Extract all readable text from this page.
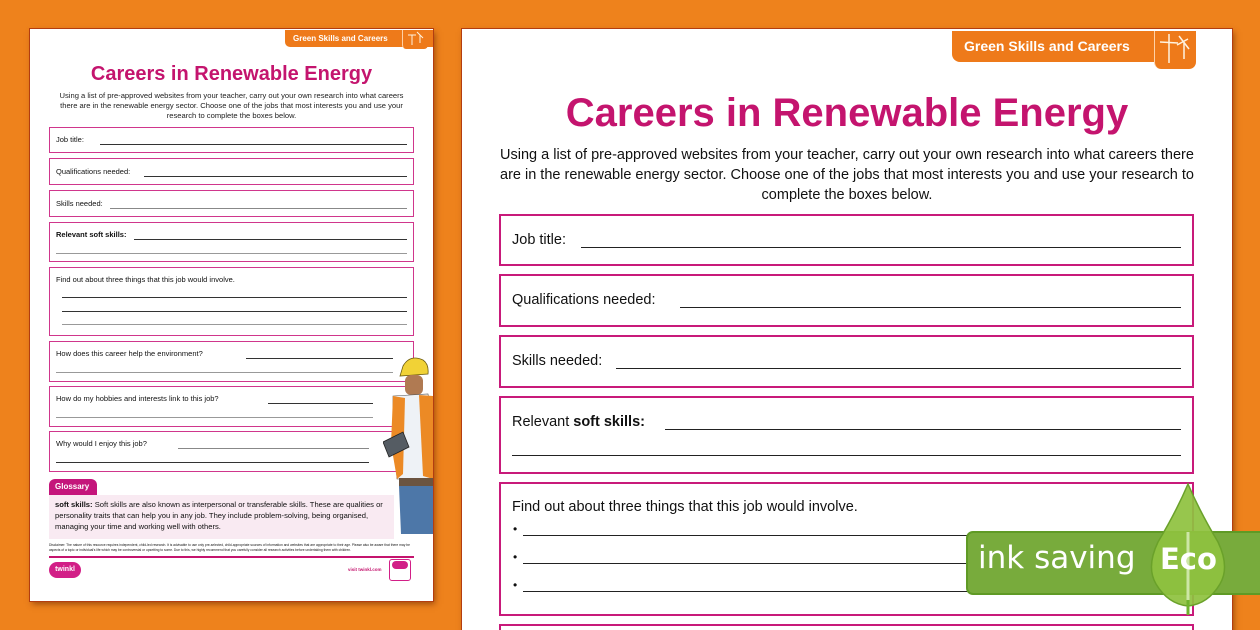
Green Skills and Careers
Careers in Renewable Energy
Using a list of pre-approved websites from your teacher, carry out your own research into what careers there are in the renewable energy sector. Choose one of the jobs that most interests you and use your research to complete the boxes below.
Job title:
Qualifications needed:
Skills needed:
Relevant soft skills:
Find out about three things that this job would involve.
How does this career help the environment?
How do my hobbies and interests link to this job?
Why would I enjoy this job?
Glossary
soft skills: Soft skills are also known as interpersonal or transferable skills. These are qualities or personality traits that can help you in any job. They include problem-solving, being organised, managing your time and working well with others.
Disclaimer: The nature of this resource requires independent, child-led research. It is advisable to use only pre-selected, child-appropriate sources of information and websites that are appropriate to their age. Please also be aware that there may be aspects of a topic or individual's life which may be controversial or upsetting to some. Due to this, we highly recommend that you carefully consider all research activities before undertaking them with children.
twinkl	visit twinkl.com
Green Skills and Careers
Careers in Renewable Energy
Using a list of pre-approved websites from your teacher, carry out your own research into what careers there are in the renewable energy sector. Choose one of the jobs that most interests you and use your research to complete the boxes below.
Job title:
Qualifications needed:
Skills needed:
Relevant soft skills:
Find out about three things that this job would involve.
•
•
•
ink saving Eco
